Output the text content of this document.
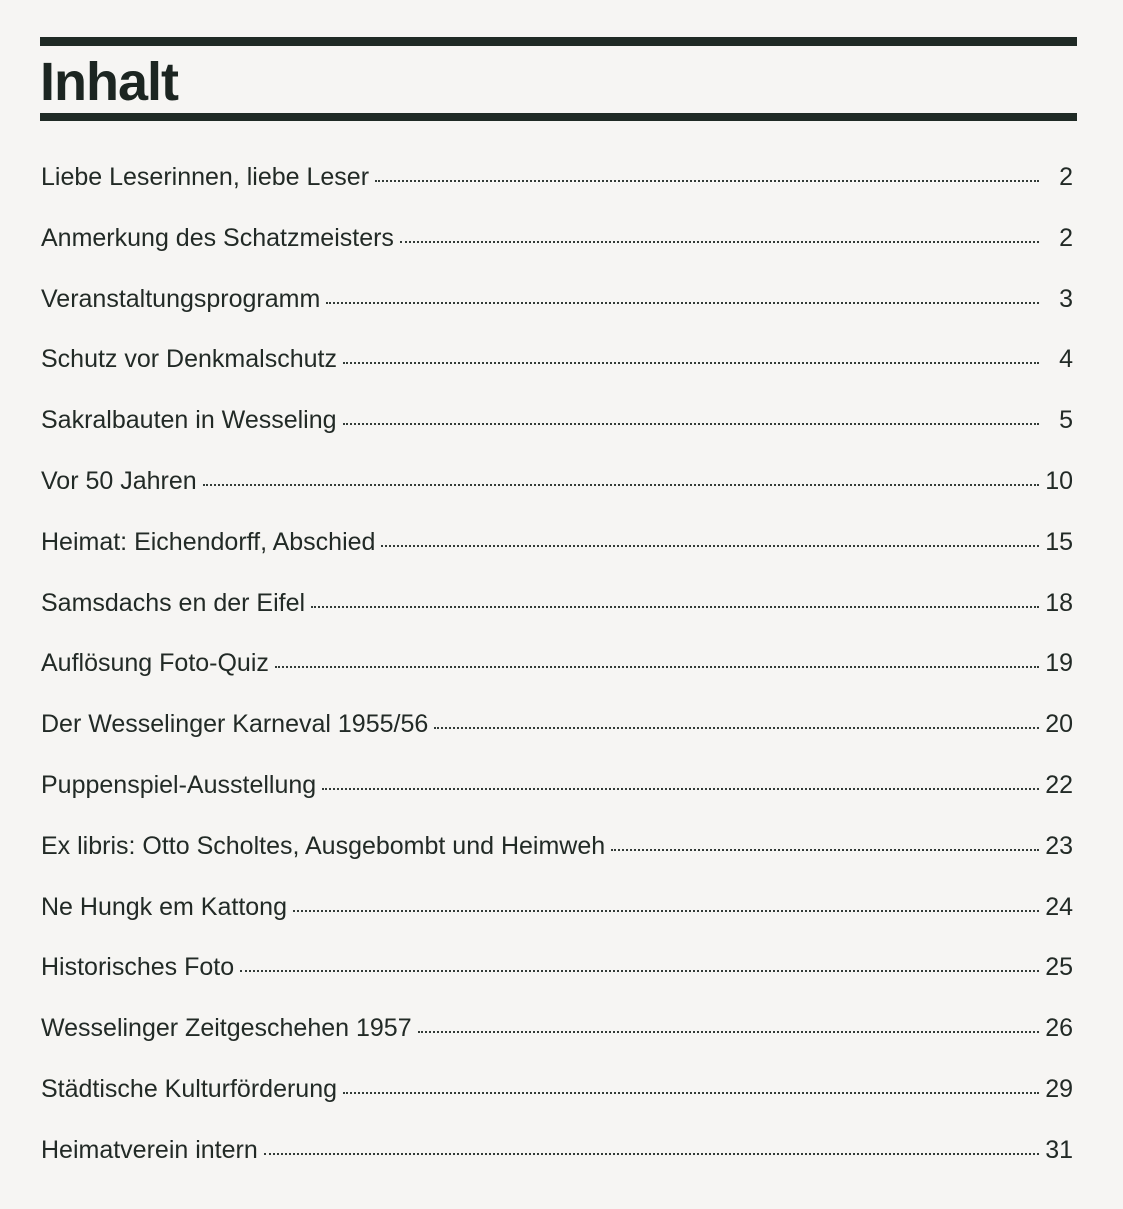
Inhalt
Liebe Leserinnen, liebe Leser	2
Anmerkung des Schatzmeisters	2
Veranstaltungsprogramm	3
Schutz vor Denkmalschutz	4
Sakralbauten in Wesseling	5
Vor 50 Jahren	10
Heimat: Eichendorff, Abschied	15
Samsdachs en der Eifel	18
Auflösung Foto-Quiz	19
Der Wesselinger Karneval 1955/56	20
Puppenspiel-Ausstellung	22
Ex libris: Otto Scholtes, Ausgebombt und Heimweh	23
Ne Hungk em Kattong	24
Historisches Foto	25
Wesselinger Zeitgeschehen 1957	26
Städtische Kulturförderung	29
Heimatverein intern	31
